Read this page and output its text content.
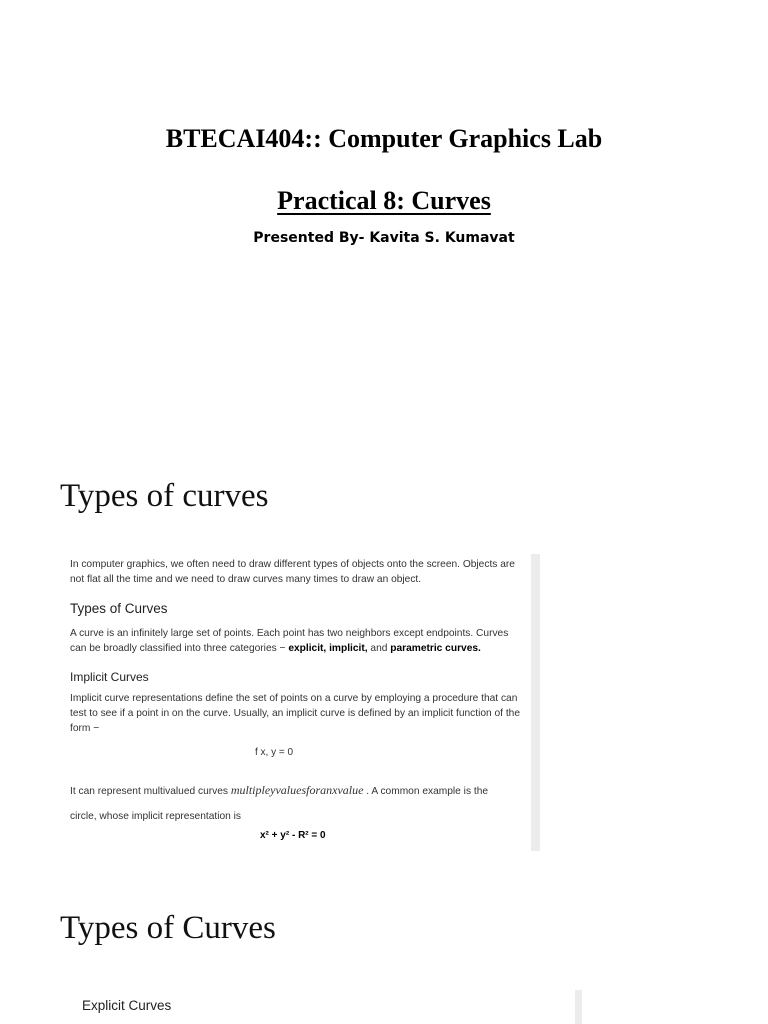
BTECAI404:: Computer Graphics Lab
Practical 8: Curves

Presented By- Kavita S. Kumavat

Types of curves

In computer graphics, we often need to draw different types of objects onto the screen. Objects are not flat all the time and we need to draw curves many times to draw an object.

Types of Curves

A curve is an infinitely large set of points. Each point has two neighbors except endpoints. Curves can be broadly classified into three categories − explicit, implicit, and parametric curves.

Implicit Curves

Implicit curve representations define the set of points on a curve by employing a procedure that can test to see if a point in on the curve. Usually, an implicit curve is defined by an implicit function of the form −

f x, y = 0

It can represent multivalued curves multipleyvaluesforanxvalue . A common example is the

circle, whose implicit representation is

x² + y² - R² = 0
Types of Curves

Explicit Curves
